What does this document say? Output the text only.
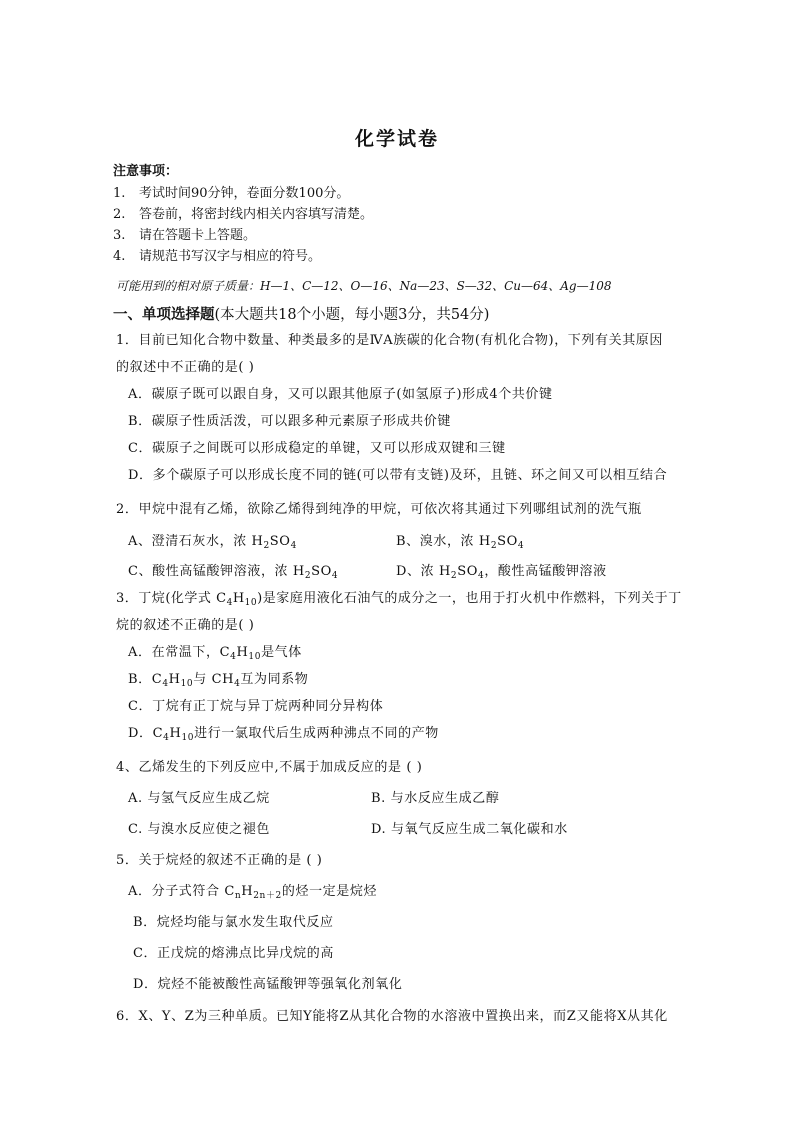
化学试卷
注意事项：
1. 考试时间90分钟，卷面分数100分。
2. 答卷前，将密封线内相关内容填写清楚。
3. 请在答题卡上答题。
4. 请规范书写汉字与相应的符号。
可能用到的相对原子质量：H—1、C—12、O—16、Na—23、S—32、Cu—64、Ag—108
一、单项选择题(本大题共18个小题，每小题3分，共54分)
1．目前已知化合物中数量、种类最多的是ⅣA族碳的化合物(有机化合物)，下列有关其原因
的叙述中不正确的是( )
A．碳原子既可以跟自身，又可以跟其他原子(如氢原子)形成4个共价键
B．碳原子性质活泼，可以跟多种元素原子形成共价键
C．碳原子之间既可以形成稳定的单键，又可以形成双键和三键
D．多个碳原子可以形成长度不同的链(可以带有支链)及环，且链、环之间又可以相互结合
2．甲烷中混有乙烯，欲除乙烯得到纯净的甲烷，可依次将其通过下列哪组试剂的洗气瓶
A、澄清石灰水，浓 $H_2SO_4$	B、溴水，浓 $H_2SO_4$
C、酸性高锰酸钾溶液，浓 $H_2SO_4$	D、浓 $H_2SO_4$，酸性高锰酸钾溶液
3．丁烷(化学式 $C_4H_{10}$)是家庭用液化石油气的成分之一，也用于打火机中作燃料，下列关于丁
烷的叙述不正确的是( )
A．在常温下，$C_4H_{10}$是气体
B．$C_4H_{10}$与 $CH_4$互为同系物
C．丁烷有正丁烷与异丁烷两种同分异构体
D．$C_4H_{10}$进行一氯取代后生成两种沸点不同的产物
4、乙烯发生的下列反应中,不属于加成反应的是 ( )
A. 与氢气反应生成乙烷	B. 与水反应生成乙醇
C. 与溴水反应使之褪色	D. 与氧气反应生成二氧化碳和水
5．关于烷烃的叙述不正确的是 ( )
A．分子式符合 $C_nH_{2n+2}$的烃一定是烷烃
B．烷烃均能与氯水发生取代反应
C．正戊烷的熔沸点比异戊烷的高
D．烷烃不能被酸性高锰酸钾等强氧化剂氧化
6．X、Y、Z为三种单质。已知Y能将Z从其化合物的水溶液中置换出来，而Z又能将X从其化
